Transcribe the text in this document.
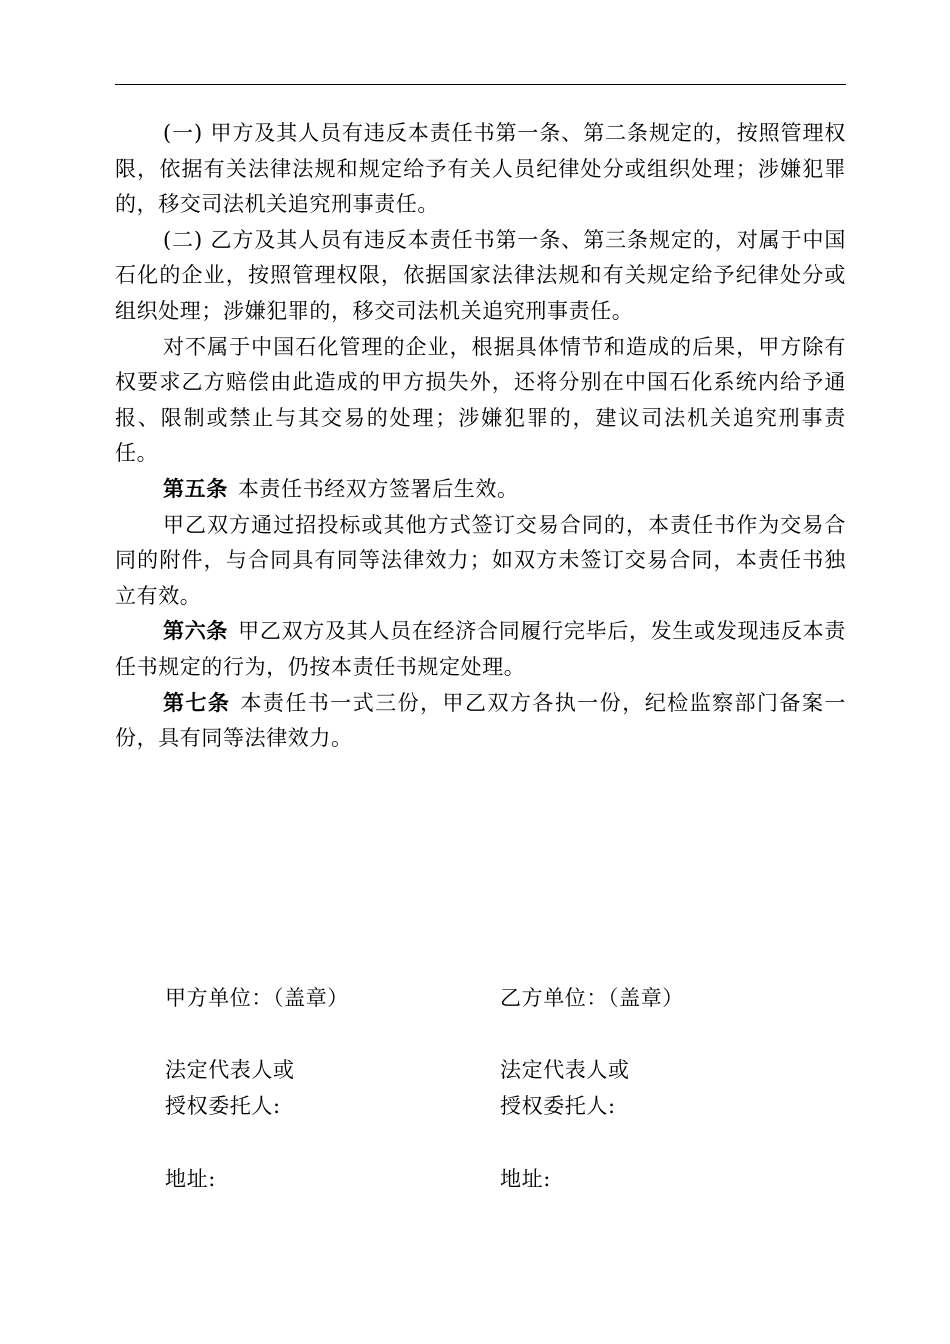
(一) 甲方及其人员有违反本责任书第一条、第二条规定的，按照管理权限，依据有关法律法规和规定给予有关人员纪律处分或组织处理；涉嫌犯罪的，移交司法机关追究刑事责任。

(二) 乙方及其人员有违反本责任书第一条、第三条规定的，对属于中国石化的企业，按照管理权限，依据国家法律法规和有关规定给予纪律处分或组织处理；涉嫌犯罪的，移交司法机关追究刑事责任。

对不属于中国石化管理的企业，根据具体情节和造成的后果，甲方除有权要求乙方赔偿由此造成的甲方损失外，还将分别在中国石化系统内给予通报、限制或禁止与其交易的处理；涉嫌犯罪的，建议司法机关追究刑事责任。

第五条 本责任书经双方签署后生效。

甲乙双方通过招投标或其他方式签订交易合同的，本责任书作为交易合同的附件，与合同具有同等法律效力；如双方未签订交易合同，本责任书独立有效。

第六条 甲乙双方及其人员在经济合同履行完毕后，发生或发现违反本责任书规定的行为，仍按本责任书规定处理。

第七条 本责任书一式三份，甲乙双方各执一份，纪检监察部门备案一份，具有同等法律效力。

甲方单位：（盖章）	乙方单位：（盖章）
法定代表人或
授权委托人:
法定代表人或
授权委托人:
地址:	地址:
